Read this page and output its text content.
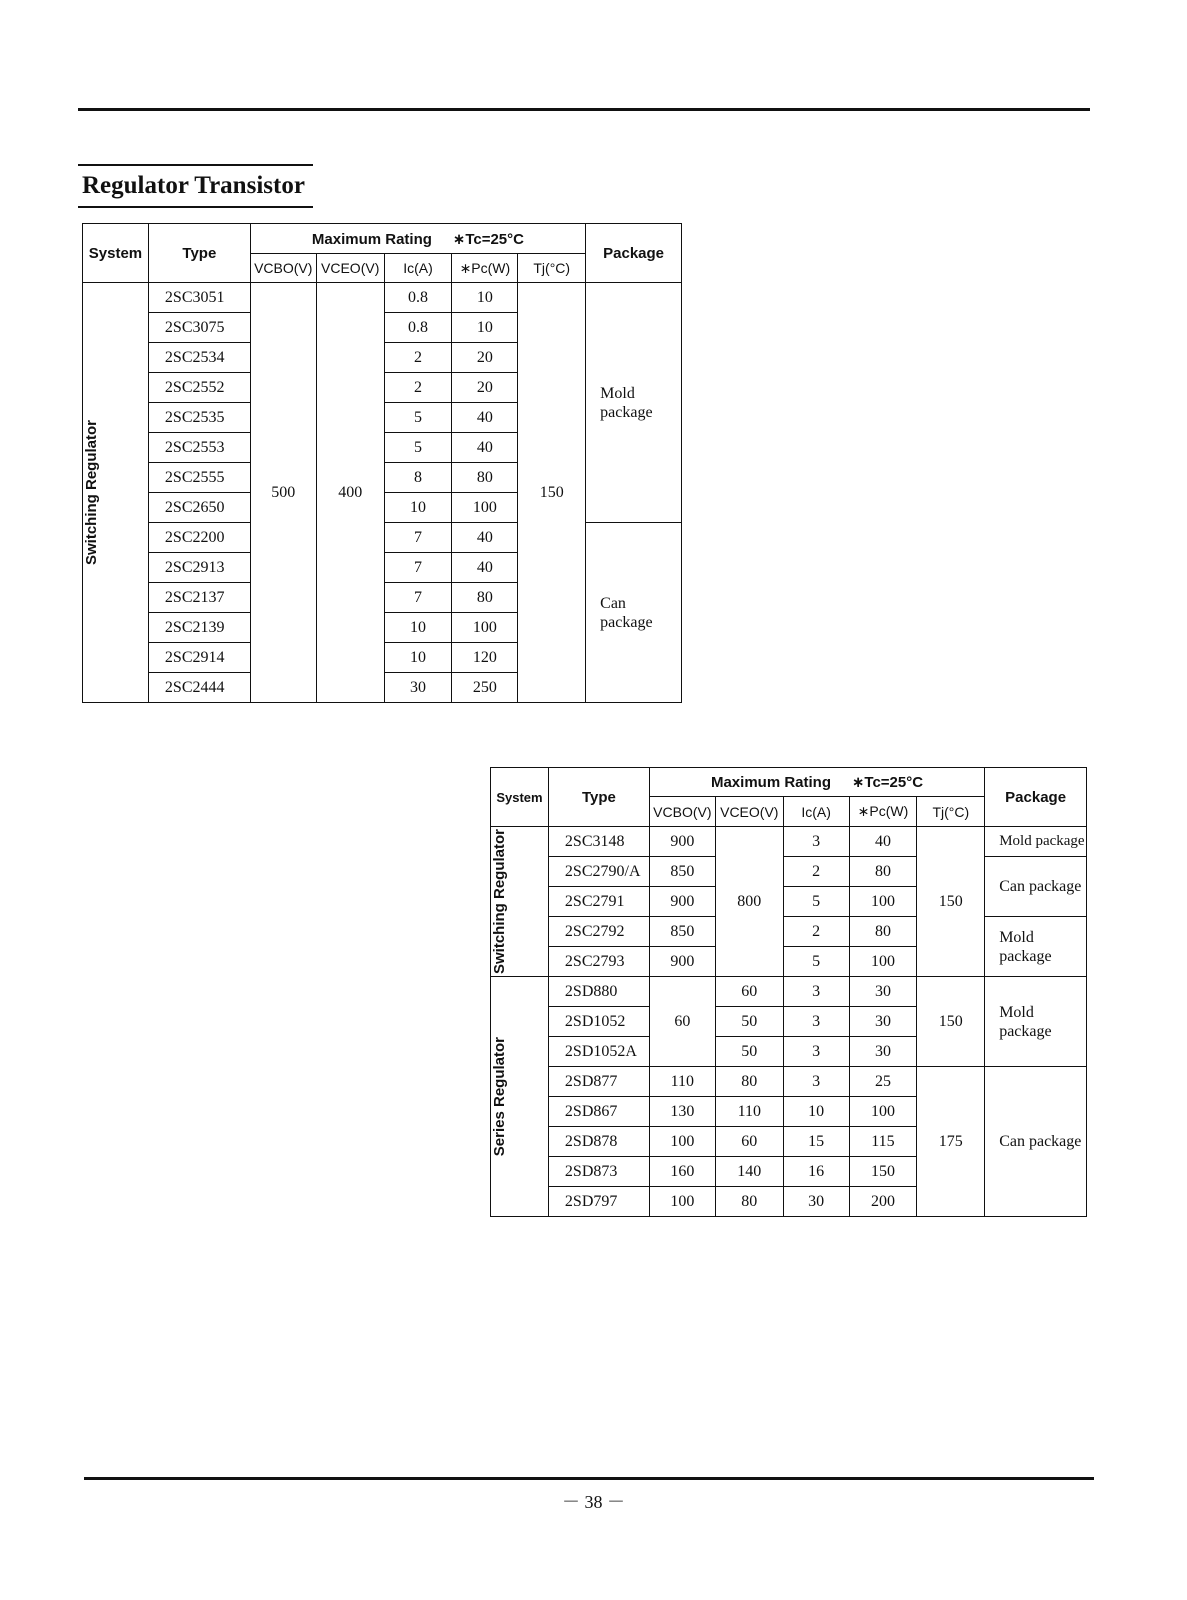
Regulator Transistor
System	Type	Maximum Rating ∗Tc=25°C					Package
		VCBO(V)	VCEO(V)	Ic(A)	∗Pc(W)	Tj(°C)	

Switching Regulator	2SC3051	500	400	0.8	10	150	Mold package
	2SC3075			0.8	10		
	2SC2534			2	20		
	2SC2552			2	20		
	2SC2535			5	40		
	2SC2553			5	40		
	2SC2555			8	80		
	2SC2650			10	100		
	2SC2200			7	40		Can package
	2SC2913			7	40		
	2SC2137			7	80		
	2SC2139			10	100		
	2SC2914			10	120		
	2SC2444			30	250		
System	Type	Maximum Rating ∗Tc=25°C					Package
		VCBO(V)	VCEO(V)	Ic(A)	∗Pc(W)	Tj(°C)	

Switching Regulator	2SC3148	900	800	3	40	150	Mold package
	2SC2790/A	850		2	80		Can package
	2SC2791	900		5	100		
	2SC2792	850		2	80		Mold package
	2SC2793	900		5	100		

Series Regulator	2SD880	60	60	3	30	150	Mold package
	2SD1052		50	3	30		
	2SD1052A		50	3	30		
	2SD877	110	80	3	25	175	Can package
	2SD867	130	110	10	100		
	2SD878	100	60	15	115		
	2SD873	160	140	16	150		
	2SD797	100	80	30	200		
－ 38 －
